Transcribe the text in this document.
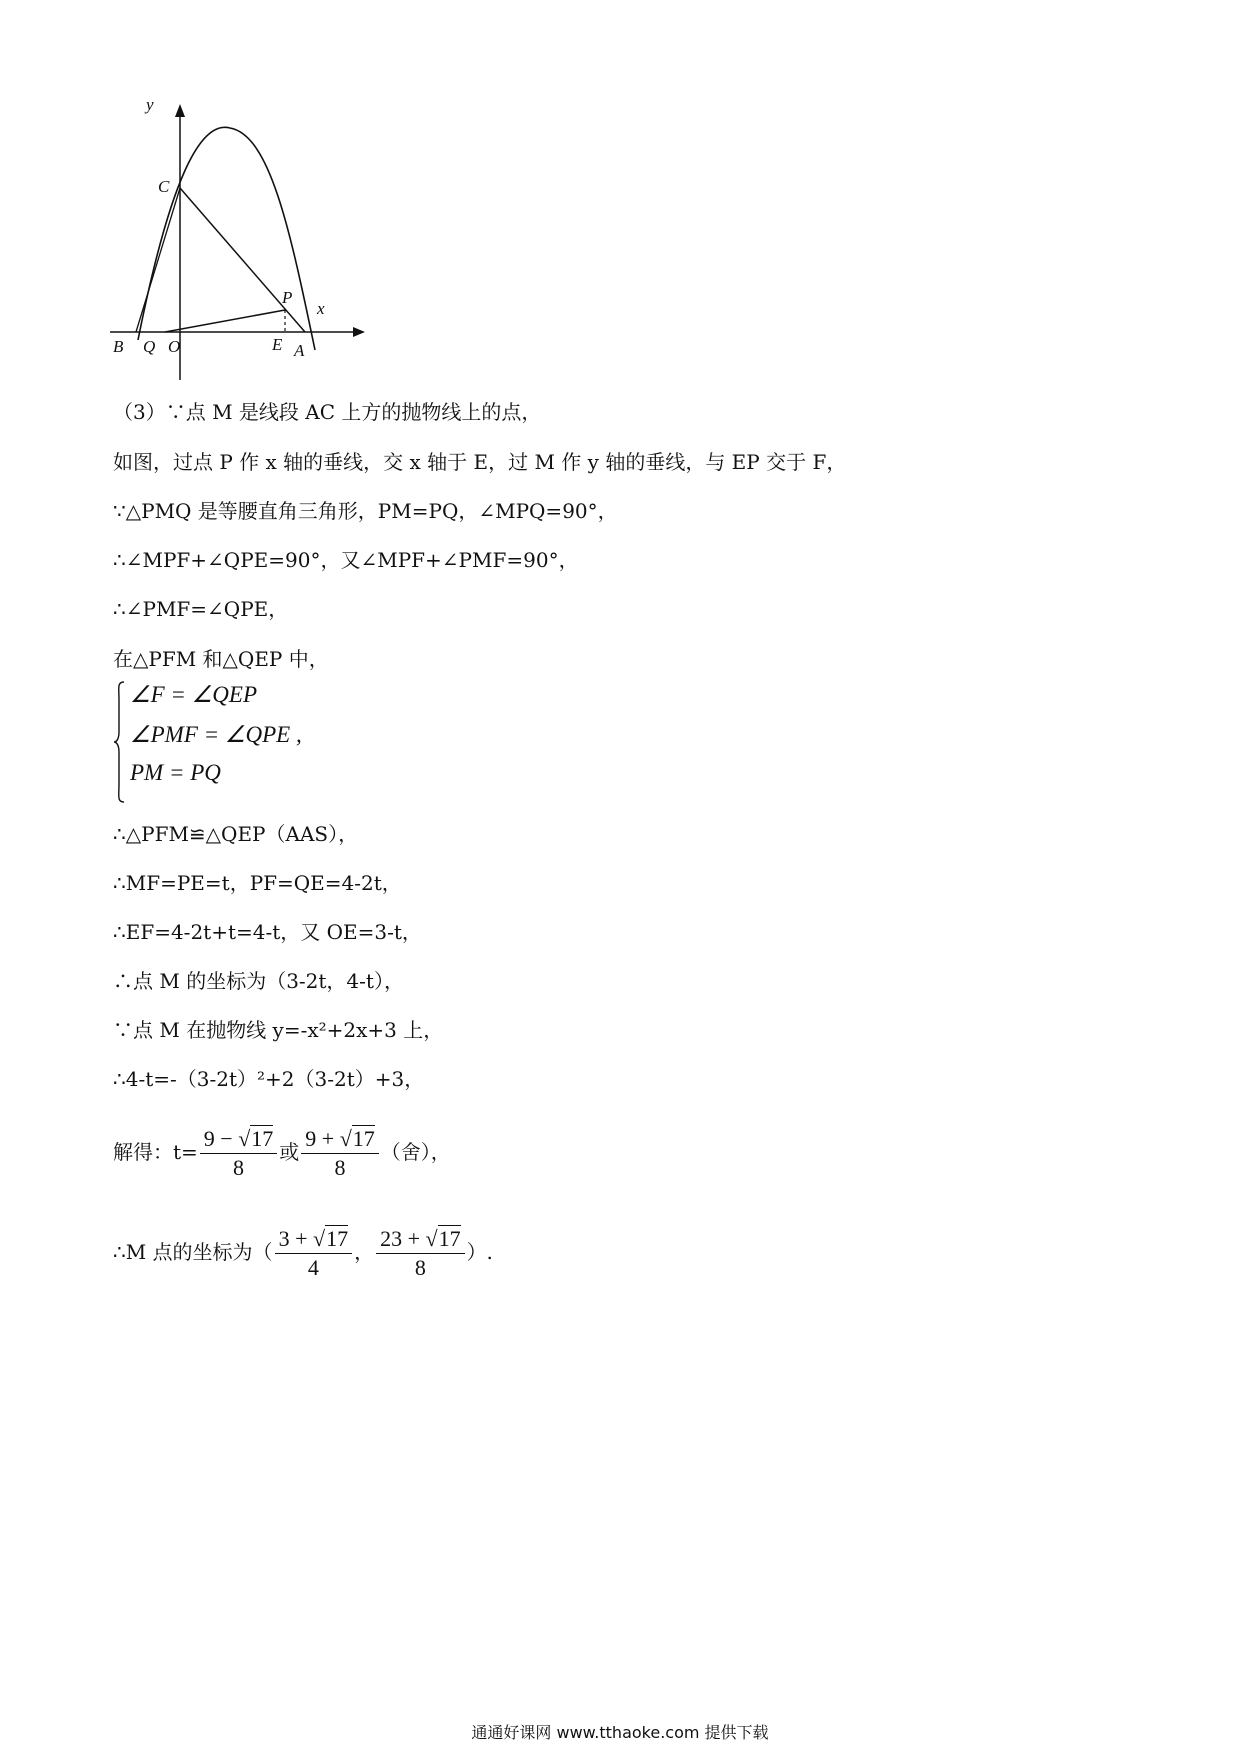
y
x
C
P
B Q O	E A
（3）∵点 M 是线段 AC 上方的抛物线上的点，
如图，过点 P 作 x 轴的垂线，交 x 轴于 E，过 M 作 y 轴的垂线，与 EP 交于 F，
∵△PMQ 是等腰直角三角形，PM=PQ，∠MPQ=90°，
∴∠MPF+∠QPE=90°，又∠MPF+∠PMF=90°，
∴∠PMF=∠QPE，
在△PFM 和△QEP 中，
∠F = ∠QEP
∠PMF = ∠QPE ,
PM = PQ
∴△PFM≌△QEP（AAS），
∴MF=PE=t，PF=QE=4-2t，
∴EF=4-2t+t=4-t，又 OE=3-t，
∴点 M 的坐标为（3-2t，4-t），
∵点 M 在抛物线 y=-x²+2x+3 上，
∴4-t=-（3-2t）²+2（3-2t）+3，
解得：$t= \frac{9 - √17}{8}$ 或 $\frac{9 + √17}{8}$ （舍），
∴M 点的坐标为（ $\frac{3 + √17}{4}$ ， $\frac{23 + √17}{8}$ ）.
通通好课网 www.tthaoke.com 提供下载
